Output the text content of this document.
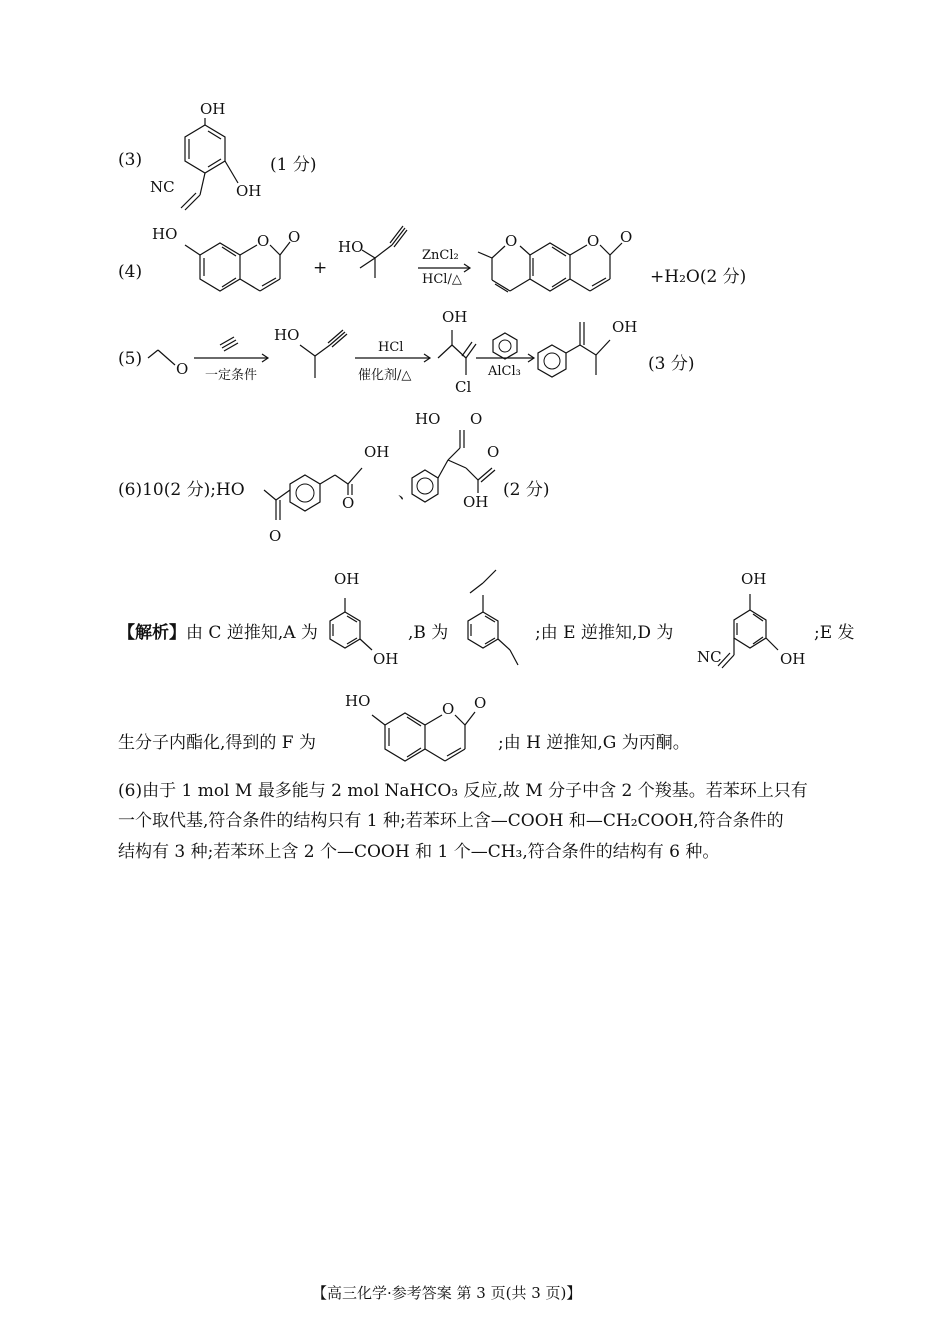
(3)	(1 分)
OH
OH
NC
(4)
HO	O O
+
HO	ZnCl₂
HCl/△
O	O O
+H₂O(2 分)
(5) O 一定条件
HO
HCl
催化剂/△
OH
Cl
AlCl₃
OH
(3 分)
(6)10(2 分);HO
OH
O
O
、
HO O
O
OH
(2 分)
【解析】由 C 逆推知,A 为
OH
OH
,B 为	;由 E 逆推知,D 为
OH
OH
NC
;E 发
生分子内酯化,得到的 F 为
HO	O O
;由 H 逆推知,G 为丙酮。
(6)由于 1 mol M 最多能与 2 mol NaHCO₃ 反应,故 M 分子中含 2 个羧基。若苯环上只有
一个取代基,符合条件的结构只有 1 种;若苯环上含—COOH 和—CH₂COOH,符合条件的
结构有 3 种;若苯环上含 2 个—COOH 和 1 个—CH₃,符合条件的结构有 6 种。
【高三化学·参考答案 第 3 页(共 3 页)】
